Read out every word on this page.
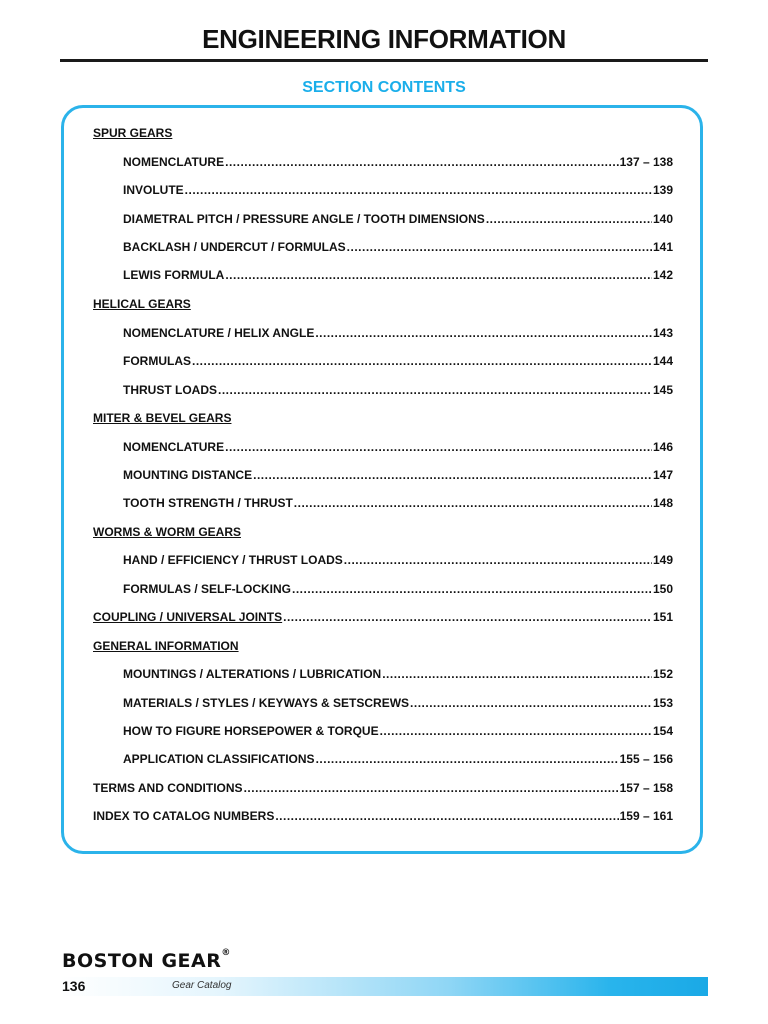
ENGINEERING INFORMATION
SECTION CONTENTS
SPUR GEARS
NOMENCLATURE .....	137 – 138
INVOLUTE .....	139
DIAMETRAL PITCH / PRESSURE ANGLE / TOOTH DIMENSIONS .....	140
BACKLASH / UNDERCUT / FORMULAS .....	141
LEWIS FORMULA .....	142
HELICAL GEARS
NOMENCLATURE / HELIX ANGLE .....	143
FORMULAS .....	144
THRUST LOADS .....	145
MITER & BEVEL GEARS
NOMENCLATURE .....	146
MOUNTING DISTANCE .....	147
TOOTH STRENGTH / THRUST .....	148
WORMS & WORM GEARS
HAND / EFFICIENCY / THRUST LOADS .....	149
FORMULAS / SELF-LOCKING .....	150
COUPLING / UNIVERSAL JOINTS .....	151
GENERAL INFORMATION
MOUNTINGS / ALTERATIONS / LUBRICATION .....	152
MATERIALS / STYLES / KEYWAYS & SETSCREWS .....	153
HOW TO FIGURE HORSEPOWER & TORQUE .....	154
APPLICATION CLASSIFICATIONS .....	155 – 156
TERMS AND CONDITIONS .....	157 – 158
INDEX TO CATALOG NUMBERS .....	159 – 161
BOSTON GEAR®
136	Gear Catalog
